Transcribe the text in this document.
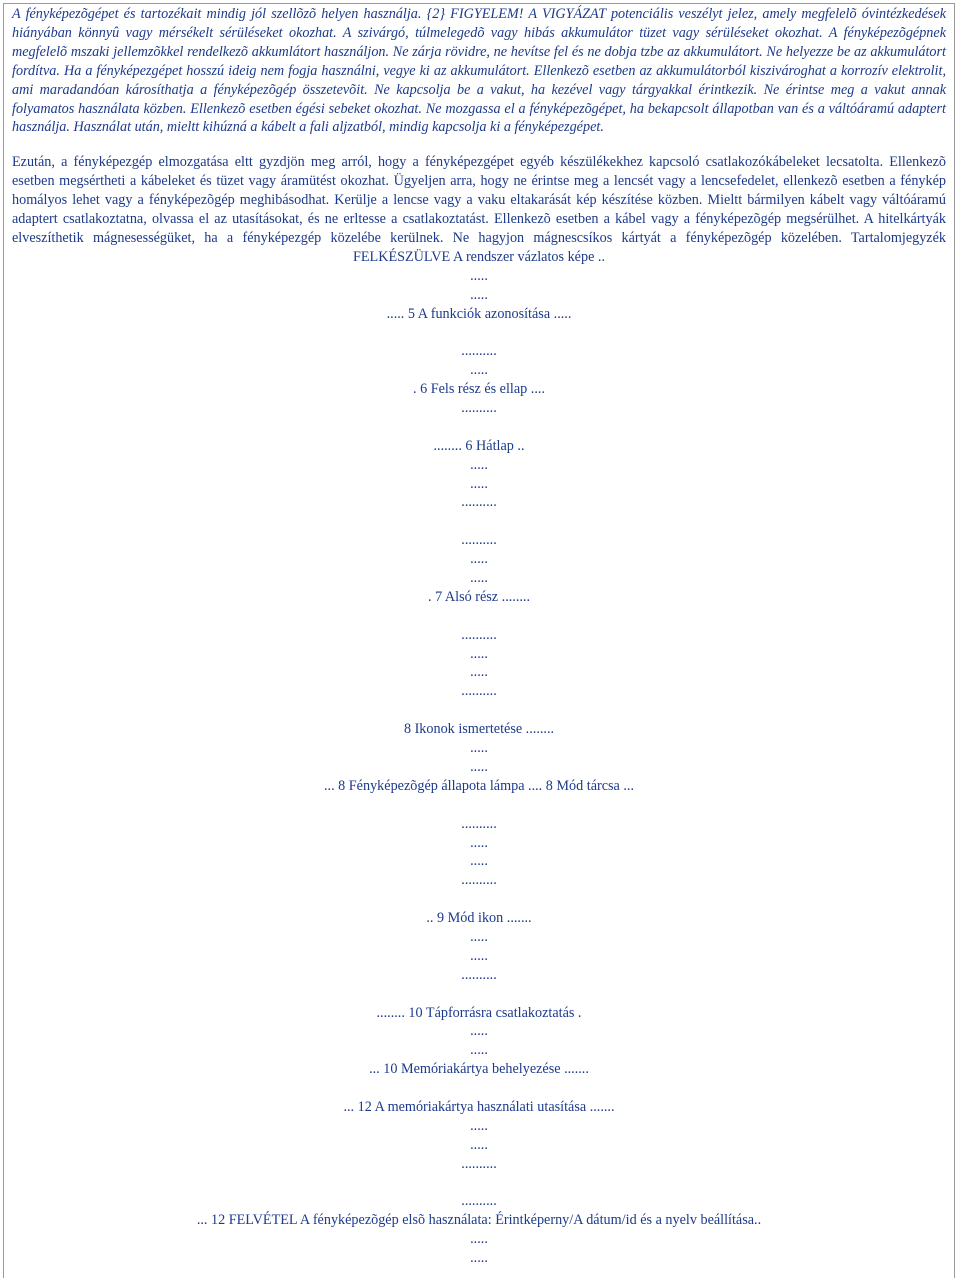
A fényképezõgépet és tartozékait mindig jól szellõzõ helyen használja. {2} FIGYELEM! A VIGYÁZAT potenciális veszélyt jelez, amely megfelelõ óvintézkedések hiányában könnyû vagy mérsékelt sérüléseket okozhat. A szivárgó, túlmelegedõ vagy hibás akkumulátor tüzet vagy sérüléseket okozhat. A fényképezõgépnek megfelelõ mszaki jellemzõkkel rendelkezõ akkumlátort használjon. Ne zárja rövidre, ne hevítse fel és ne dobja tzbe az akkumulátort. Ne helyezze be az akkumulátort fordítva. Ha a fényképezgépet hosszú ideig nem fogja használni, vegye ki az akkumulátort. Ellenkezõ esetben az akkumulátorból kiszivároghat a korrozív elektrolit, ami maradandóan károsíthatja a fényképezõgép összetevõit. Ne kapcsolja be a vakut, ha kezével vagy tárgyakkal érintkezik. Ne érintse meg a vakut annak folyamatos használata közben. Ellenkezõ esetben égési sebeket okozhat. Ne mozgassa el a fényképezõgépet, ha bekapcsolt állapotban van és a váltóáramú adaptert használja. Használat után, mieltt kihúzná a kábelt a fali aljzatból, mindig kapcsolja ki a fényképezgépet.

Ezután, a fényképezgép elmozgatása eltt gyzdjön meg arról, hogy a fényképezgépet egyéb készülékekhez kapcsoló csatlakozókábeleket lecsatolta. Ellenkezõ esetben megsértheti a kábeleket és tüzet vagy áramütést okozhat. Ügyeljen arra, hogy ne érintse meg a lencsét vagy a lencsefedelet, ellenkezõ esetben a fénykép homályos lehet vagy a fényképezõgép meghibásodhat. Kerülje a lencse vagy a vaku eltakarását kép készítése közben. Mieltt bármilyen kábelt vagy váltóáramú adaptert csatlakoztatna, olvassa el az utasításokat, és ne erltesse a csatlakoztatást. Ellenkezõ esetben a kábel vagy a fényképezõgép megsérülhet. A hitelkártyák elveszíthetik mágnesességüket, ha a fényképezgép közelébe kerülnek. Ne hagyjon mágnescsíkos kártyát a fényképezõgép közelében. Tartalomjegyzék FELKÉSZÜLVE A rendszer vázlatos képe ..

.....
.....
..... 5 A funkciók azonosítása .....
..........
.....
. 6 Fels rész és ellap ....
..........
........ 6 Hátlap ..
.....
.....
..........
..........
.....
.....
. 7 Alsó rész ........
..........
.....
.....
..........
8 Ikonok ismertetése ........
.....
.....
... 8 Fényképezõgép állapota lámpa .... 8 Mód tárcsa ...
..........
.....
.....
..........
.. 9 Mód ikon .......
.....
.....
..........
........ 10 Tápforrásra csatlakoztatás .
.....
.....
... 10 Memóriakártya behelyezése .......
... 12 A memóriakártya használati utasítása .......
.....
.....
..........
..........
... 12 FELVÉTEL A fényképezõgép elsõ használata: Érintképerny/A dátum/id és a nyelv beállítása..
.....
.....
